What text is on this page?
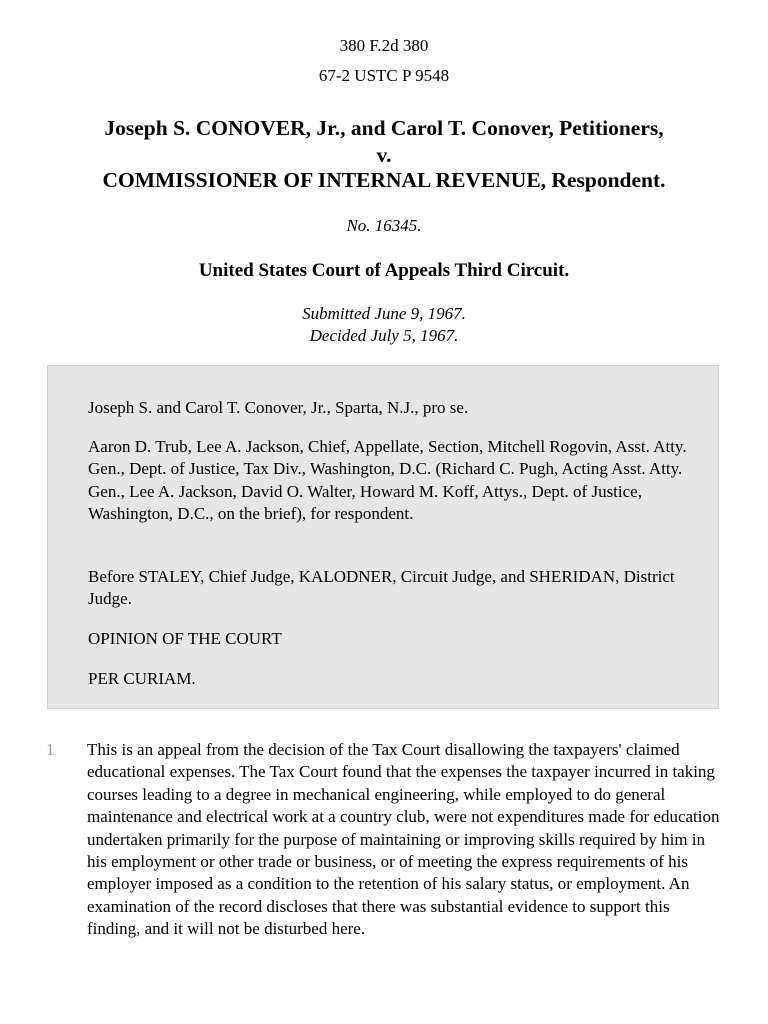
380 F.2d 380
67-2 USTC P 9548
Joseph S. CONOVER, Jr., and Carol T. Conover, Petitioners,
v.
COMMISSIONER OF INTERNAL REVENUE, Respondent.
No. 16345.
United States Court of Appeals Third Circuit.
Submitted June 9, 1967.
Decided July 5, 1967.

Joseph S. and Carol T. Conover, Jr., Sparta, N.J., pro se.

Aaron D. Trub, Lee A. Jackson, Chief, Appellate, Section, Mitchell Rogovin, Asst. Atty. Gen., Dept. of Justice, Tax Div., Washington, D.C. (Richard C. Pugh, Acting Asst. Atty. Gen., Lee A. Jackson, David O. Walter, Howard M. Koff, Attys., Dept. of Justice, Washington, D.C., on the brief), for respondent.

Before STALEY, Chief Judge, KALODNER, Circuit Judge, and SHERIDAN, District Judge.

OPINION OF THE COURT

PER CURIAM.

1 This is an appeal from the decision of the Tax Court disallowing the taxpayers' claimed educational expenses. The Tax Court found that the expenses the taxpayer incurred in taking courses leading to a degree in mechanical engineering, while employed to do general maintenance and electrical work at a country club, were not expenditures made for education undertaken primarily for the purpose of maintaining or improving skills required by him in his employment or other trade or business, or of meeting the express requirements of his employer imposed as a condition to the retention of his salary status, or employment. An examination of the record discloses that there was substantial evidence to support this finding, and it will not be disturbed here.
